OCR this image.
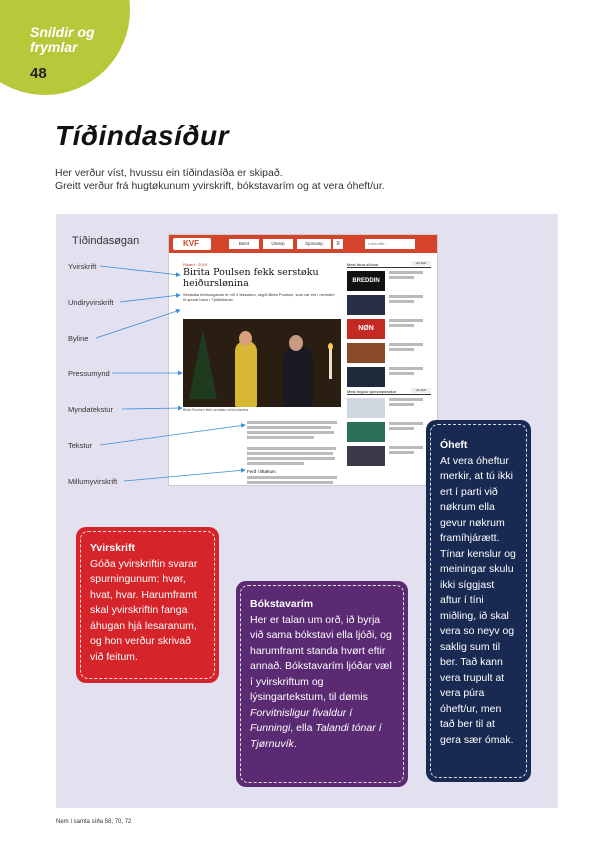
Snildir og
frymlar
48
Tíðindasíður
Her verður víst, hvussu ein tíðindasíða er skipað.
Greitt verður frá hugtøkunum yvirskrift, bókstavarím og at vera óheft/ur.
Tíðindasøgan
Yvirskrift
Undiryvirskrift
Byline
Pressumynd
Myndatekstur
Tekstur
Millumyvirskrift
KVF	Beint	Útvarp	Sjónvarp	≡	Leita eftir...
Rikard · 2019
Birita Poulsen fekk serstøku heiðurslønina
Serstøka heiðursgávan er við 4 teksutum, segði Birita Poulsen, sum var ein í nevndini ið spurdi hann í Tjóðleikhúsi.
Birita Poulsen fekk serstøku heiðurslønina
Ferð í tiltøkum
Mest lisna síðuna	Vís fleiri
BREDDIN
NØN
Mest hugdu sjónvarpsnøkur	Vís fleiri

Yvirskrift

Góða yvirskriftin svarar spurningunum: hvør, hvat, hvar. Harumframt skal yvirskriftin fanga áhugan hjá lesaranum, og hon verður skrivað við feitum.

Bókstavarím

Her er talan um orð, ið byrja við sama bókstavi ella ljóði, og harumframt standa hvørt eftir annað. Bókstavarím ljóðar væl í yvirskriftum og lýsingartekstum, til dømis Forvitnisligur fivaldur í Funningi, ella Talandi tónar í Tjørnuvík.

Óheft

At vera óheftur merkir, at tú ikki ert í parti við nøkrum ella gevur nøkrum framíhjárætt. Tínar kenslur og meiningar skulu ikki síggjast aftur í tíni miðling, ið skal vera so neyv og saklig sum til ber. Tað kann vera trupult at vera púra óheft/ur, men tað ber til at gera sær ómak.

Nem í samta síða 58, 70, 72
